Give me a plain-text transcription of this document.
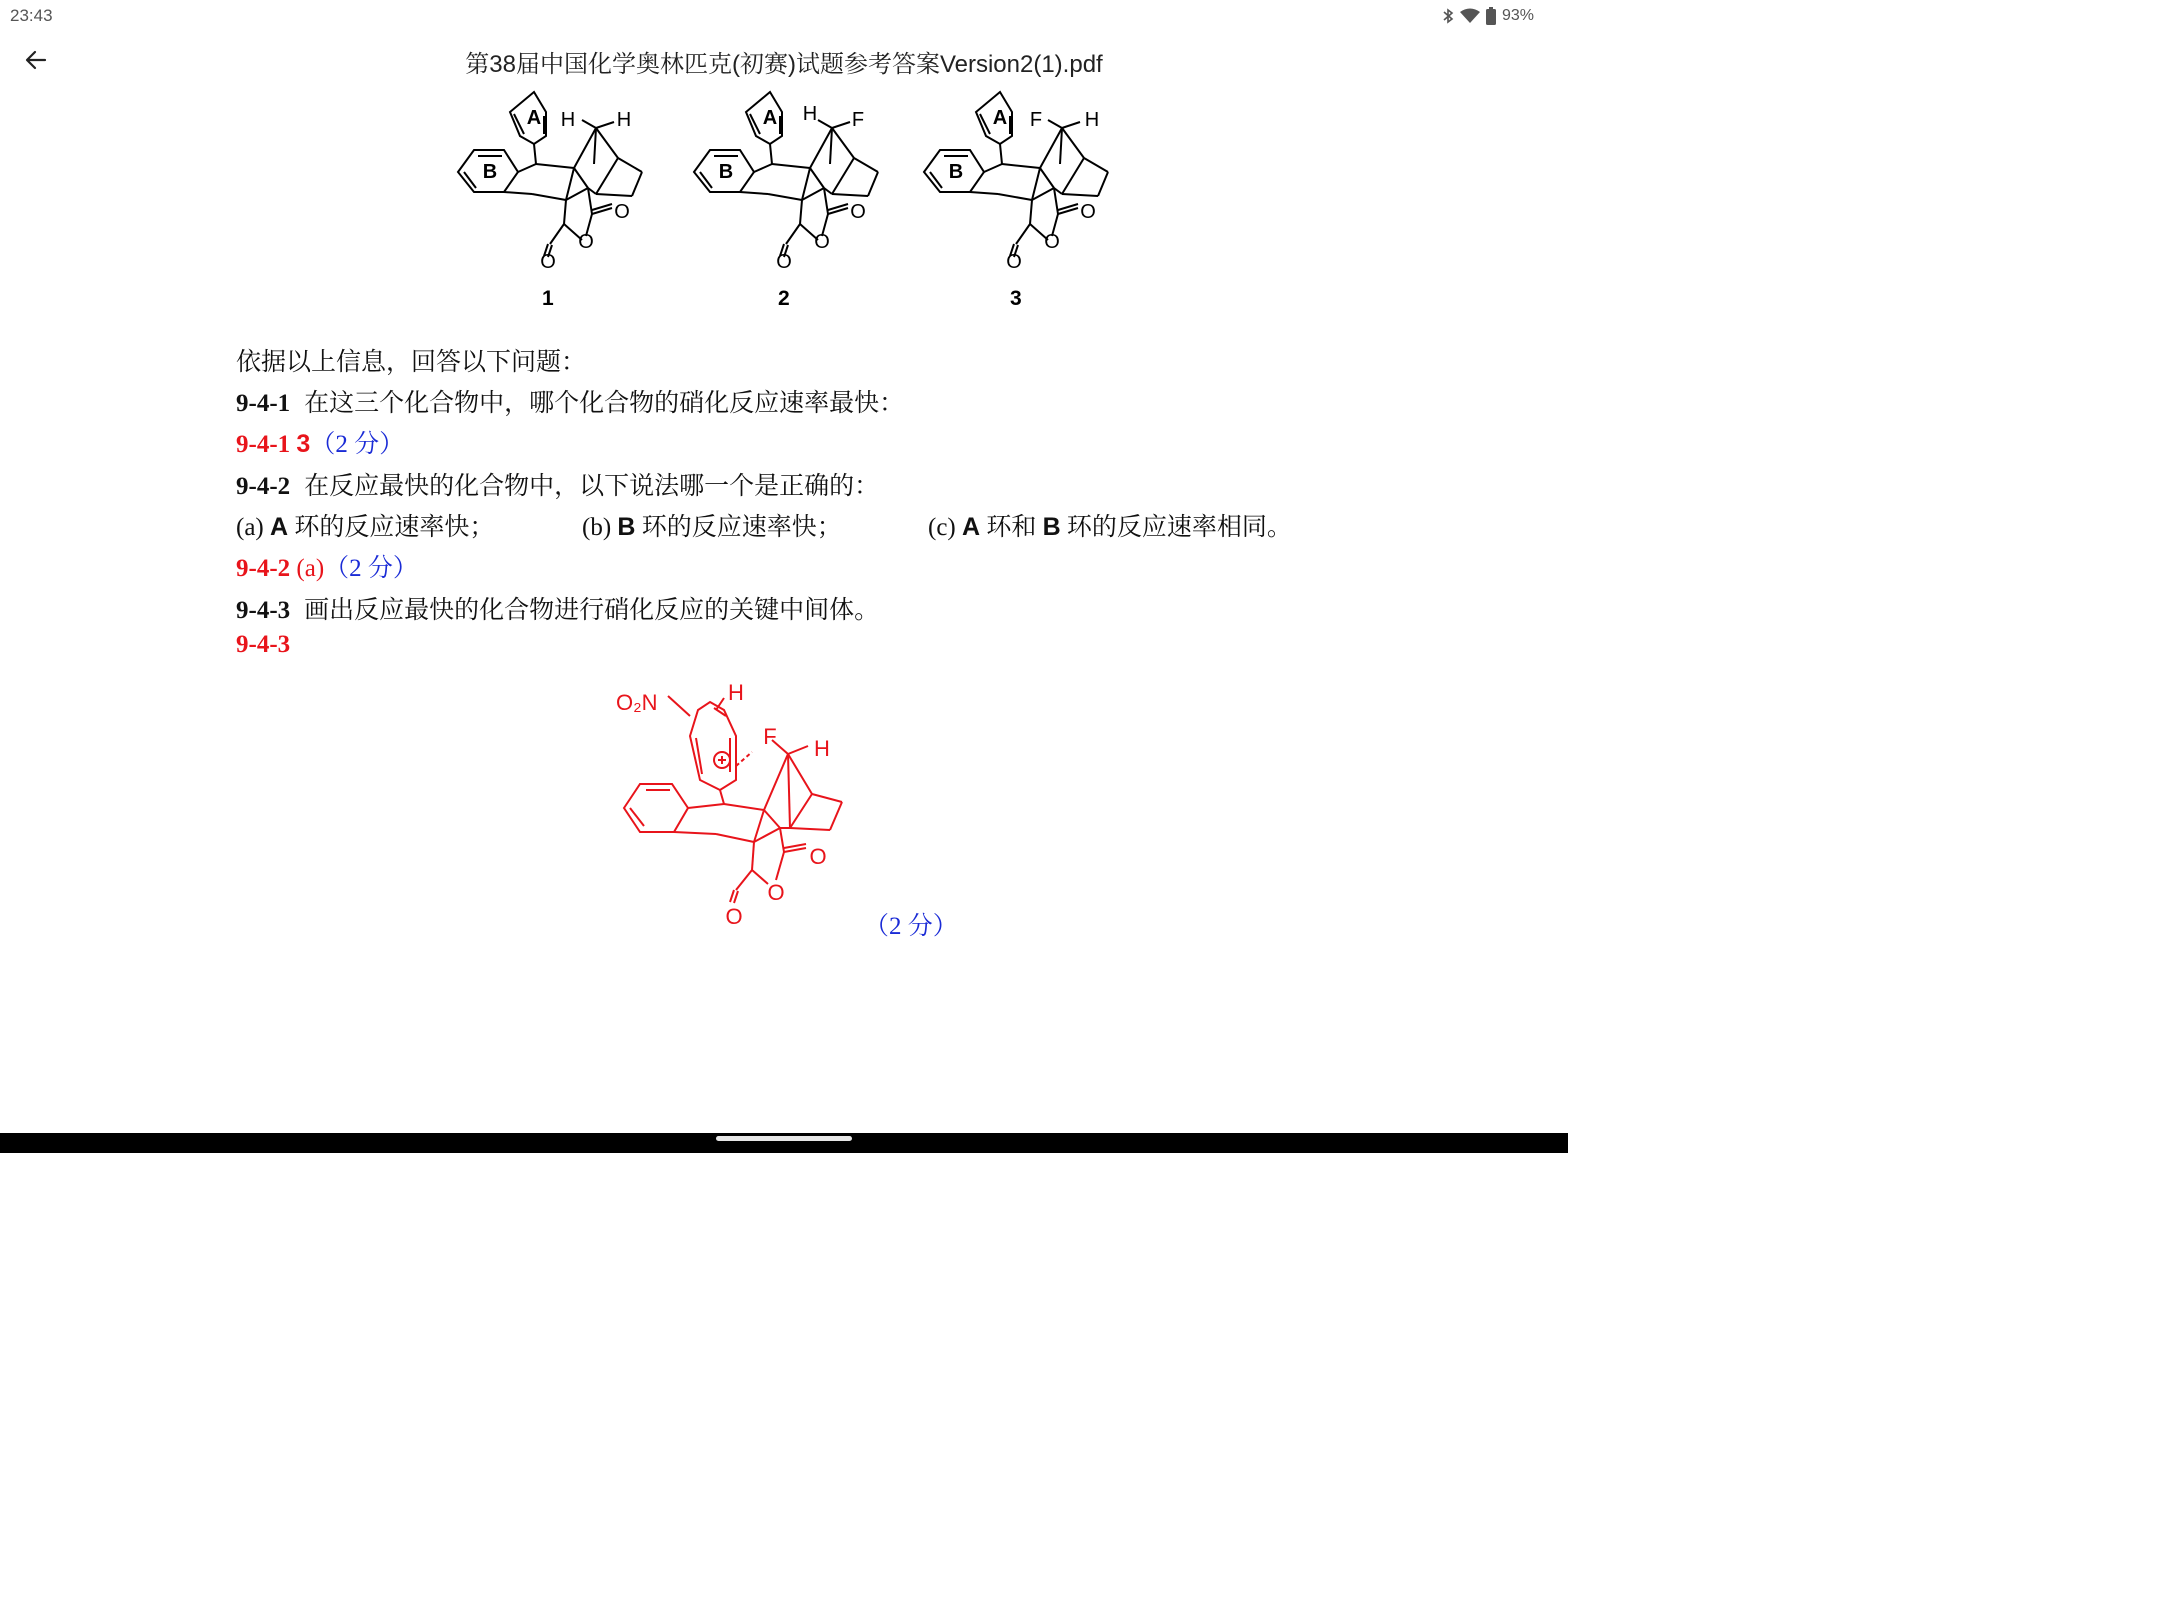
23:43	93%
第38届中国化学奥林匹克(初赛)试题参考答案Version2(1).pdf
A
B
H H
O
O
O
1
A
B
H F
O
O
O
2
A
B
F H
O
O
O
3
依据以上信息，回答以下问题：
9-4-1 在这三个化合物中，哪个化合物的硝化反应速率最快：
9-4-1 3（2 分）
9-4-2 在反应最快的化合物中，以下说法哪一个是正确的：
(a) A 环的反应速率快；	(b) B 环的反应速率快；	(c) A 环和 B 环的反应速率相同。
9-4-2 (a)（2 分）
9-4-3 画出反应最快的化合物进行硝化反应的关键中间体。
9-4-3
O₂N	H
F H
O
O
O	（2 分）
